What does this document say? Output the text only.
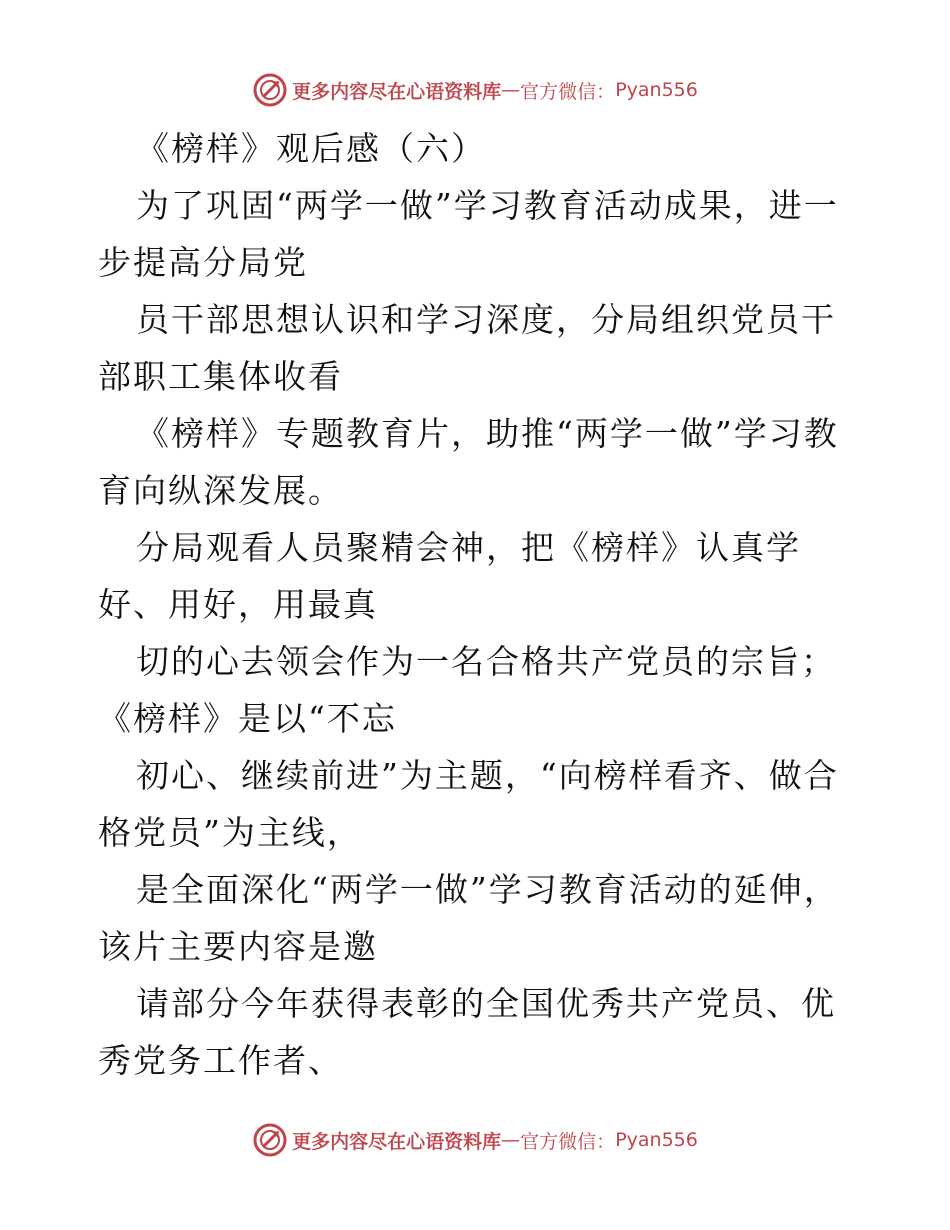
更多内容尽在心语资料库 — 官方微信： Pyan556
《榜样》观后感（六）
为了巩固“两学一做”学习教育活动成果，进一步提高分局党
员干部思想认识和学习深度，分局组织党员干部职工集体收看
《榜样》专题教育片，助推“两学一做”学习教育向纵深发展。
分局观看人员聚精会神，把《榜样》认真学好、用好，用最真
切的心去领会作为一名合格共产党员的宗旨；《榜样》是以“不忘
初心、继续前进”为主题，“向榜样看齐、做合格党员”为主线，
是全面深化“两学一做”学习教育活动的延伸，该片主要内容是邀
请部分今年获得表彰的全国优秀共产党员、优秀党务工作者、
更多内容尽在心语资料库 — 官方微信： Pyan556
